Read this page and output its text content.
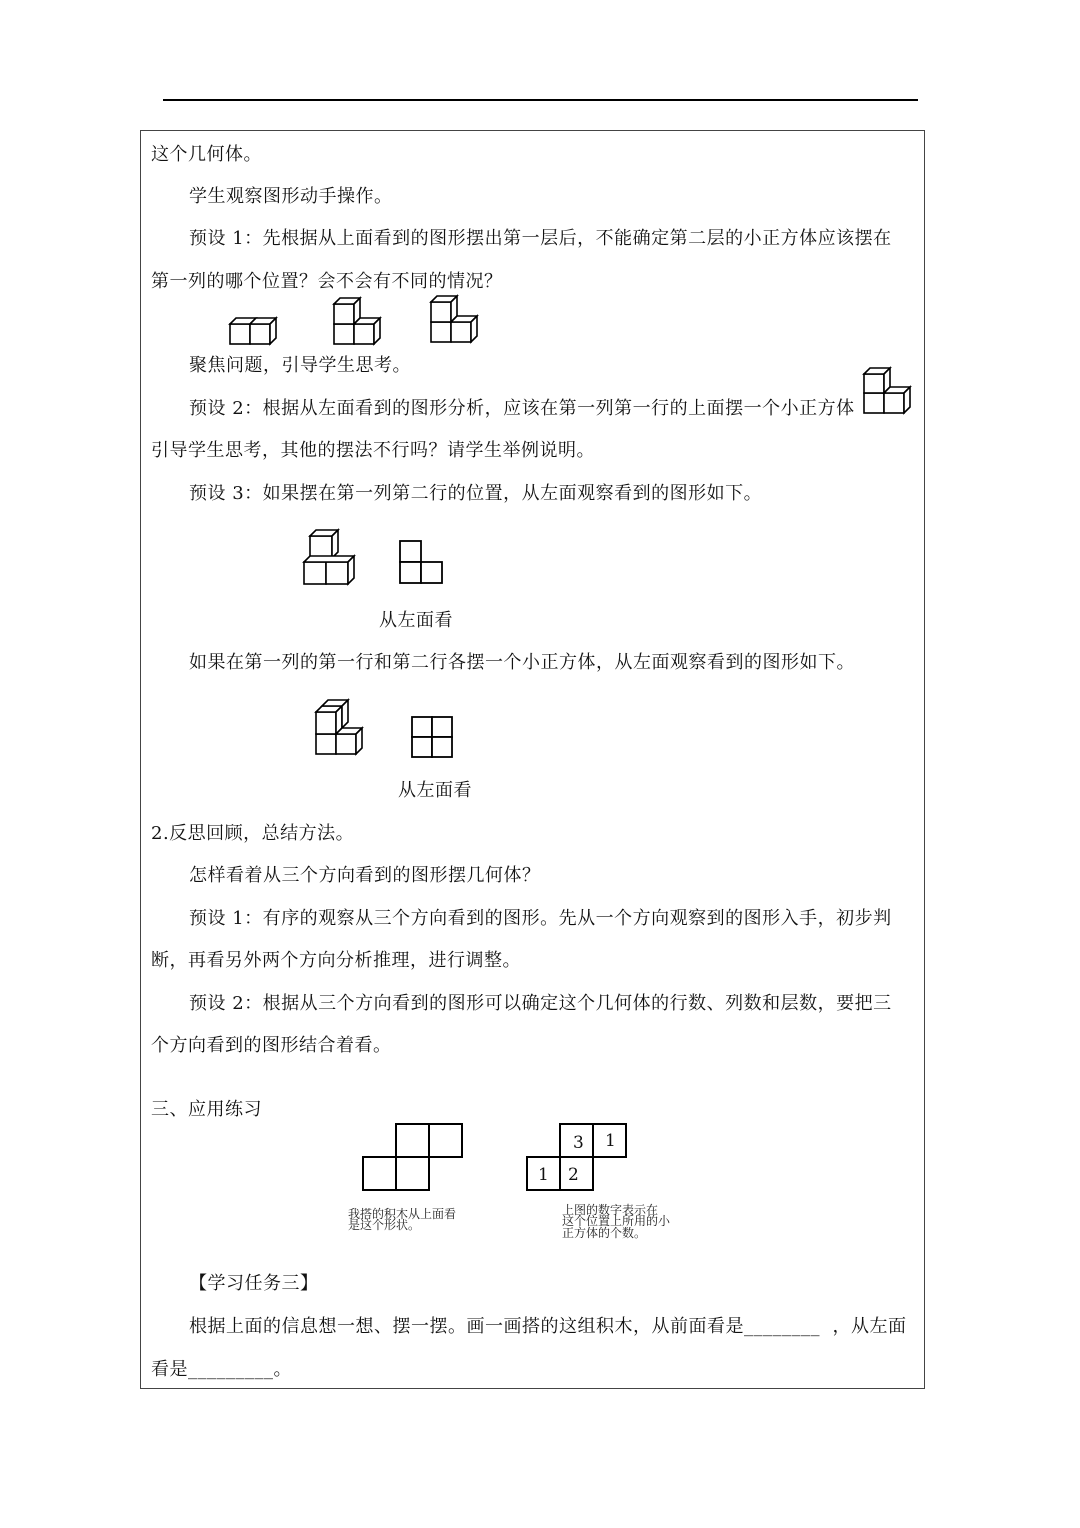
这个几何体。
学生观察图形动手操作。
预设 1：先根据从上面看到的图形摆出第一层后，不能确定第二层的小正方体应该摆在
第一列的哪个位置？会不会有不同的情况？
聚焦问题，引导学生思考。
预设 2：根据从左面看到的图形分析，应该在第一列第一行的上面摆一个小正方体
引导学生思考，其他的摆法不行吗？请学生举例说明。
预设 3：如果摆在第一列第二行的位置，从左面观察看到的图形如下。
从左面看
如果在第一列的第一行和第二行各摆一个小正方体，从左面观察看到的图形如下。
从左面看
2.反思回顾，总结方法。
怎样看着从三个方向看到的图形摆几何体？
预设 1：有序的观察从三个方向看到的图形。先从一个方向观察到的图形入手，初步判
断，再看另外两个方向分析推理，进行调整。
预设 2：根据从三个方向看到的图形可以确定这个几何体的行数、列数和层数，要把三
个方向看到的图形结合着看。
三、应用练习
我搭的积木从上面看
是这个形状。
3 1
1 2
上图的数字表示在
这个位置上所用的小
正方体的个数。
【学习任务三】
根据上面的信息想一想、摆一摆。画一画搭的这组积木，从前面看是________ ，从左面
看是_________。
